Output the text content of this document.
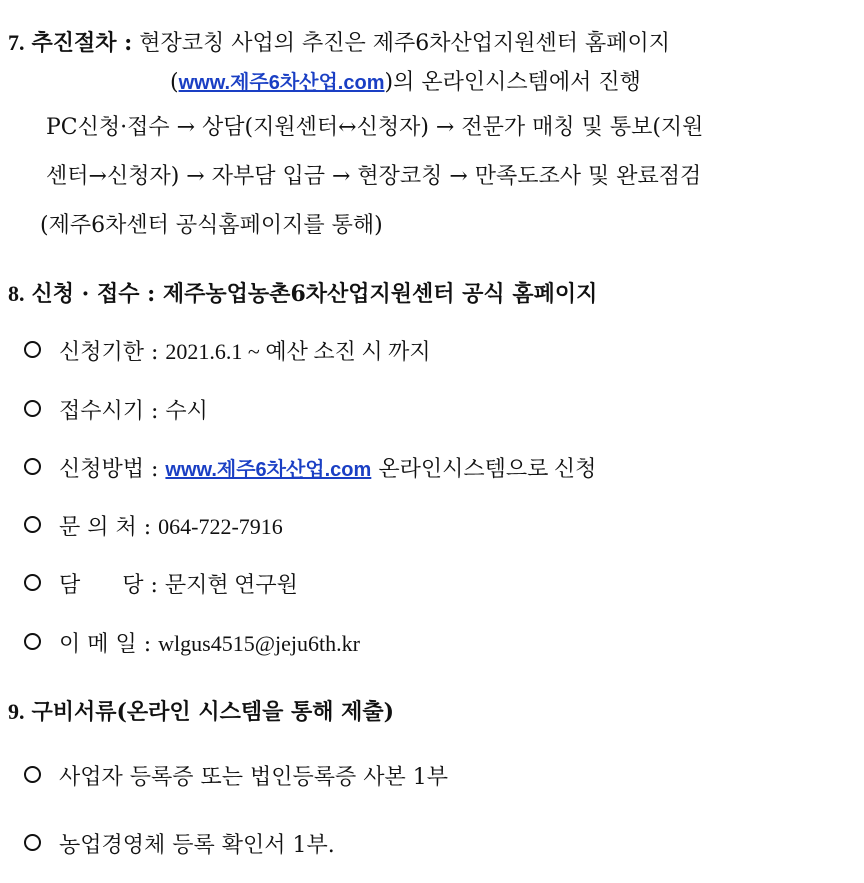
7. 추진절차 : 현장코칭 사업의 추진은 제주6차산업지원센터 홈페이지
(www.제주6차산업.com)의 온라인시스템에서 진행
PC신청·접수 → 상담(지원센터↔신청자) → 전문가 매칭 및 통보(지원
센터→신청자) → 자부담 입금 → 현장코칭 → 만족도조사 및 완료점검
(제주6차센터 공식홈페이지를 통해)
8. 신청 · 접수 : 제주농업농촌6차산업지원센터 공식 홈페이지
신청기한 : 2021.6.1 ~ 예산 소진 시 까지
접수시기 : 수시
신청방법 : www.제주6차산업.com 온라인시스템으로 신청
문 의 처 : 064-722-7916
담      당 : 문지현 연구원
이 메 일 : wlgus4515@jeju6th.kr
9. 구비서류(온라인 시스템을 통해 제출)
사업자 등록증 또는 법인등록증 사본 1부
농업경영체 등록 확인서 1부.
